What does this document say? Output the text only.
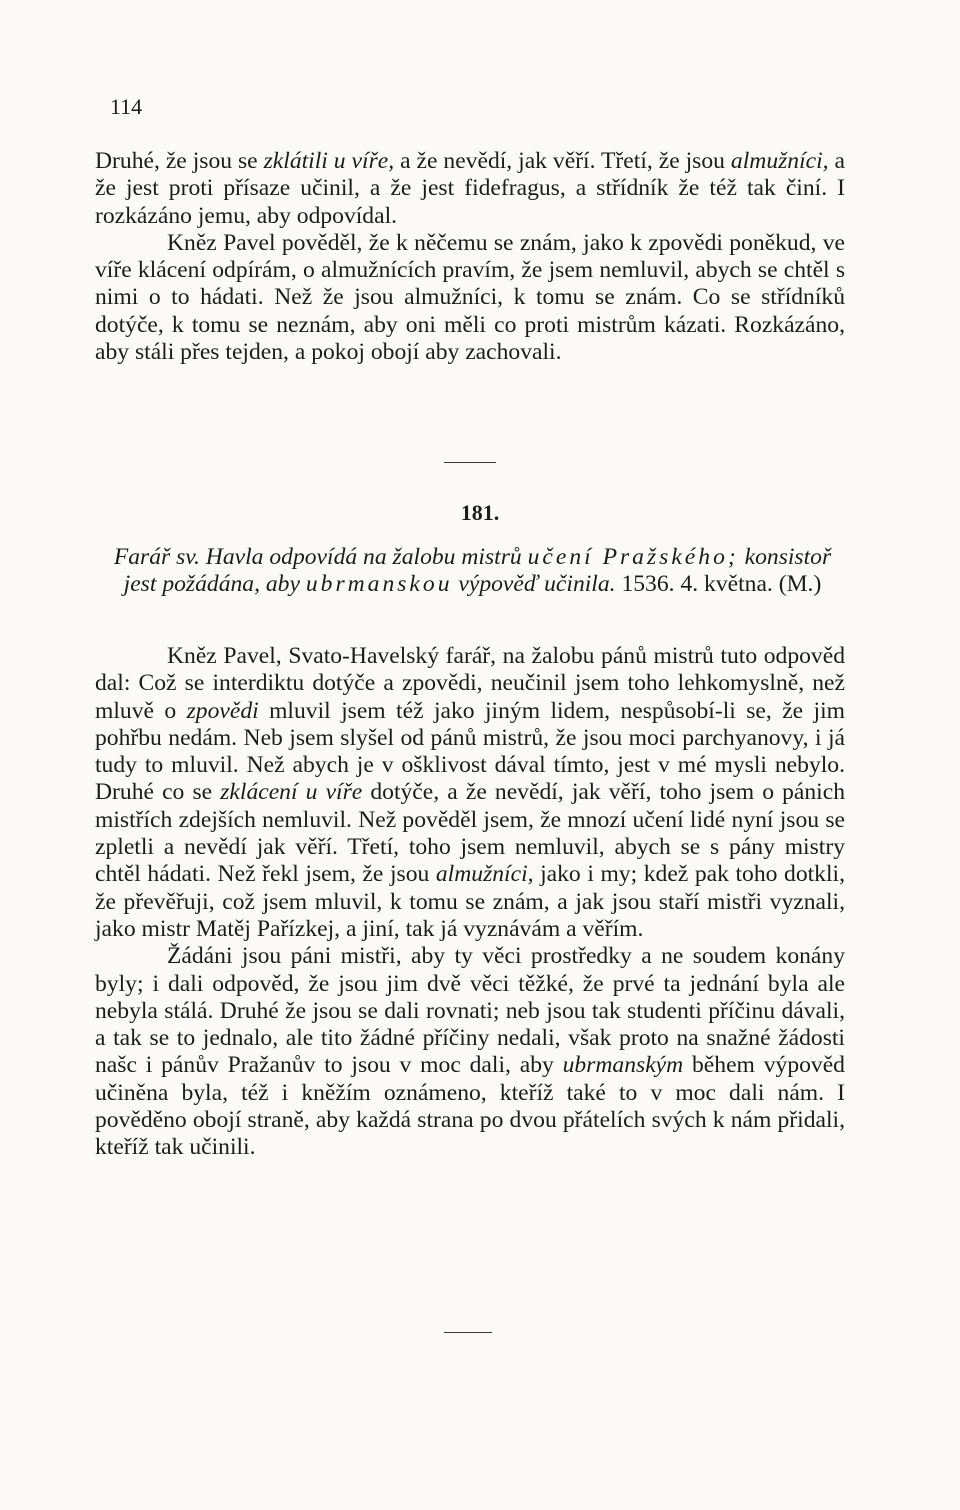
114

Druhé, že jsou se zklátili u víře, a že nevědí, jak věří. Třetí, že jsou almužníci, a že jest proti přísaze učinil, a že jest fidefragus, a střídník že též tak činí. I rozkázáno jemu, aby odpovídal.

Kněz Pavel pověděl, že k něčemu se znám, jako k zpovědi poněkud, ve víře klácení odpírám, o almužnících pravím, že jsem nemluvil, abych se chtěl s nimi o to hádati. Než že jsou almužníci, k tomu se znám. Co se střídníků dotýče, k tomu se neznám, aby oni měli co proti mistrům kázati. Rozkázáno, aby stáli přes tejden, a pokoj obojí aby zachovali.

181.
Farář sv. Havla odpovídá na žalobu mistrů učení Pražského; konsistoř jest požádána, aby ubrmanskou výpověď učinila. 1536. 4. května. (M.)

Kněz Pavel, Svato-Havelský farář, na žalobu pánů mistrů tuto odpověd dal: Což se interdiktu dotýče a zpovědi, neučinil jsem toho lehkomyslně, než mluvě o zpovědi mluvil jsem též jako jiným lidem, nespůsobí-li se, že jim pohřbu nedám. Neb jsem slyšel od pánů mistrů, že jsou moci parchyanovy, i já tudy to mluvil. Než abych je v ošklivost dával tímto, jest v mé mysli nebylo. Druhé co se zklácení u víře dotýče, a že nevědí, jak věří, toho jsem o pánich mistřích zdejších nemluvil. Než pověděl jsem, že mnozí učení lidé nyní jsou se zpletli a nevědí jak věří. Třetí, toho jsem nemluvil, abych se s pány mistry chtěl hádati. Než řekl jsem, že jsou almužníci, jako i my; kdež pak toho dotkli, že převěřuji, což jsem mluvil, k tomu se znám, a jak jsou staří mistři vyznali, jako mistr Matěj Pařízkej, a jiní, tak já vyznávám a věřím.

Žádáni jsou páni mistři, aby ty věci prostředky a ne soudem konány byly; i dali odpověd, že jsou jim dvě věci těžké, že prvé ta jednání byla ale nebyla stálá. Druhé že jsou se dali rovnati; neb jsou tak studenti příčinu dávali, a tak se to jednalo, ale tito žádné příčiny nedali, však proto na snažné žádosti našc i pánův Pražanův to jsou v moc dali, aby ubrmanským během výpověd učiněna byla, též i kněžím oznámeno, kteříž také to v moc dali nám. I pověděno obojí straně, aby každá strana po dvou přátelích svých k nám přidali, kteříž tak učinili.
